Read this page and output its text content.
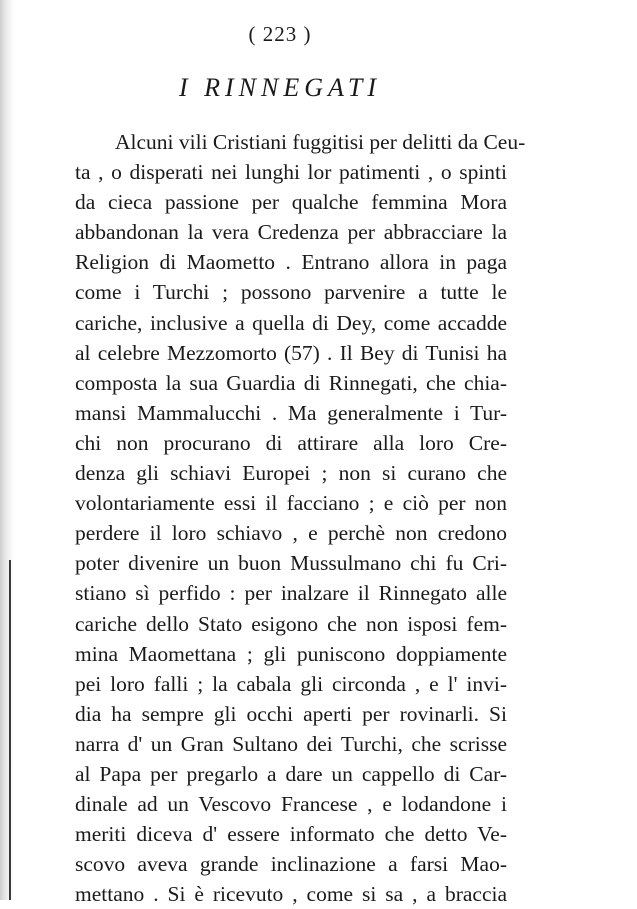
( 223 )
I RINNEGATI
Alcuni vili Cristiani fuggitisi per delitti da Ceu-
ta , o disperati nei lunghi lor patimenti , o spinti
da cieca passione per qualche femmina Mora
abbandonan la vera Credenza per abbracciare la
Religion di Maometto . Entrano allora in paga
come i Turchi ; possono parvenire a tutte le
cariche, inclusive a quella di Dey, come accadde
al celebre Mezzomorto (57) . Il Bey di Tunisi ha
composta la sua Guardia di Rinnegati, che chia-
mansi Mammalucchi . Ma generalmente i Tur-
chi non procurano di attirare alla loro Cre-
denza gli schiavi Europei ; non si curano che
volontariamente essi il facciano ; e ciò per non
perdere il loro schiavo , e perchè non credono
poter divenire un buon Mussulmano chi fu Cri-
stiano sì perfido : per inalzare il Rinnegato alle
cariche dello Stato esigono che non isposi fem-
mina Maomettana ; gli puniscono doppiamente
pei loro falli ; la cabala gli circonda , e l' invi-
dia ha sempre gli occhi aperti per rovinarli. Si
narra d' un Gran Sultano dei Turchi, che scrisse
al Papa per pregarlo a dare un cappello di Car-
dinale ad un Vescovo Francese , e lodandone i
meriti diceva d' essere informato che detto Ve-
scovo aveva grande inclinazione a farsi Mao-
mettano . Si è ricevuto , come si sa , a braccia
